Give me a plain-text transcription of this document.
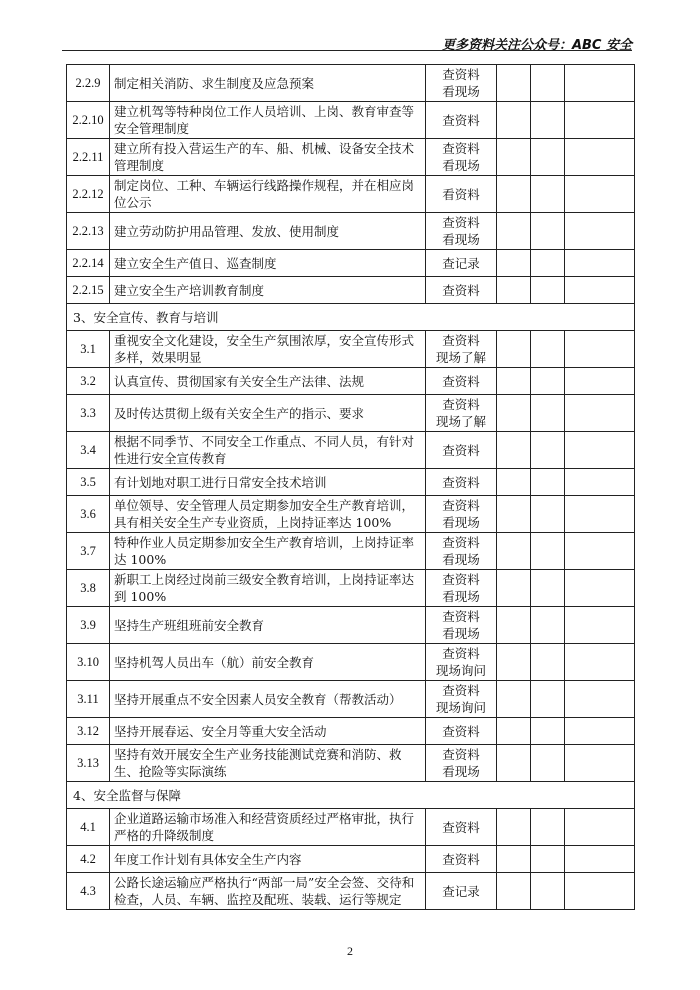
更多资料关注公众号：ABC 安全
2.2.9	制定相关消防、求生制度及应急预案	查资料
看现场			
2.2.10	建立机驾等特种岗位工作人员培训、上岗、教育审查等安全管理制度	查资料			
2.2.11	建立所有投入营运生产的车、船、机械、设备安全技术管理制度	查资料
看现场			
2.2.12	制定岗位、工种、车辆运行线路操作规程，并在相应岗位公示	看资料			
2.2.13	建立劳动防护用品管理、发放、使用制度	查资料
看现场			
2.2.14	建立安全生产值日、巡查制度	查记录			
2.2.15	建立安全生产培训教育制度	查资料			
3、安全宣传、教育与培训					
3.1	重视安全文化建设，安全生产氛围浓厚，安全宣传形式多样，效果明显	查资料
现场了解			
3.2	认真宣传、贯彻国家有关安全生产法律、法规	查资料			
3.3	及时传达贯彻上级有关安全生产的指示、要求	查资料
现场了解			
3.4	根据不同季节、不同安全工作重点、不同人员，有针对性进行安全宣传教育	查资料			
3.5	有计划地对职工进行日常安全技术培训	查资料			
3.6	单位领导、安全管理人员定期参加安全生产教育培训，具有相关安全生产专业资质，上岗持证率达 100%	查资料
看现场			
3.7	特种作业人员定期参加安全生产教育培训，上岗持证率达 100%	查资料
看现场			
3.8	新职工上岗经过岗前三级安全教育培训，上岗持证率达到 100%	查资料
看现场			
3.9	坚持生产班组班前安全教育	查资料
看现场			
3.10	坚持机驾人员出车（航）前安全教育	查资料
现场询问			
3.11	坚持开展重点不安全因素人员安全教育（帮教活动）	查资料
现场询问			
3.12	坚持开展春运、安全月等重大安全活动	查资料			
3.13	坚持有效开展安全生产业务技能测试竞赛和消防、救生、抢险等实际演练	查资料
看现场			
4、安全监督与保障					
4.1	企业道路运输市场准入和经营资质经过严格审批，执行严格的升降级制度	查资料			
4.2	年度工作计划有具体安全生产内容	查资料			
4.3	公路长途运输应严格执行“两部一局”安全会签、交待和检查，人员、车辆、监控及配班、装载、运行等规定	查记录			
2
